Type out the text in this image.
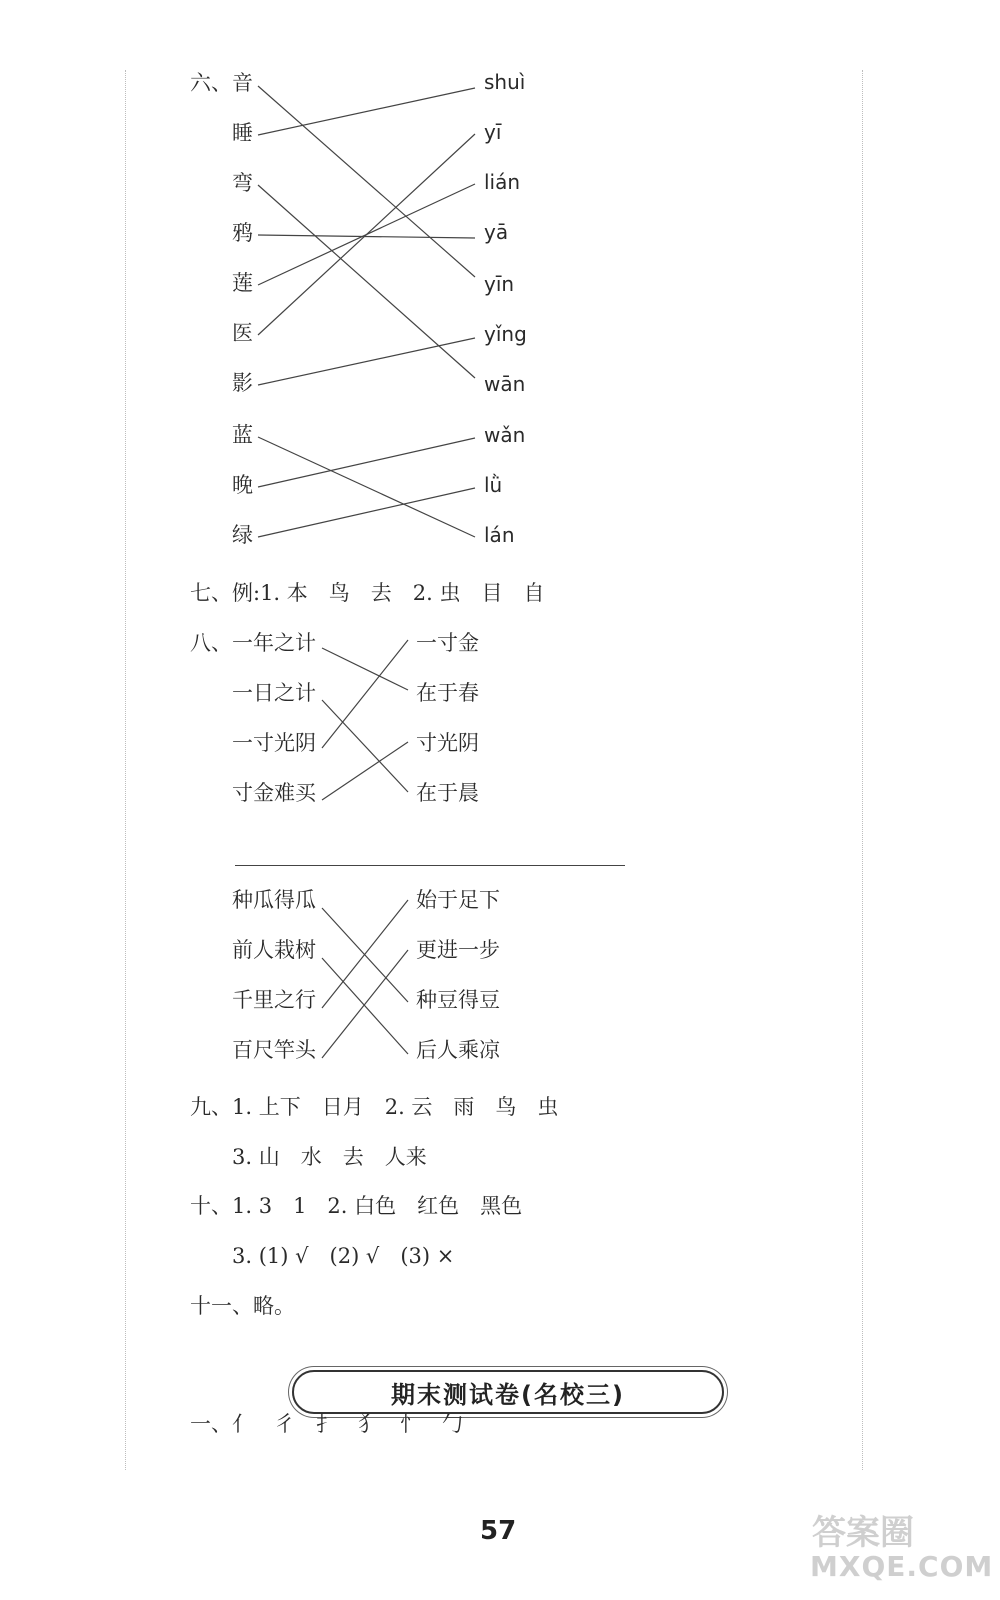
六、 音
睡
弯
鸦
莲
医
影
蓝
晚
绿
shuì
yī
lián
yā
yīn
yǐng
wān
wǎn
lǜ
lán
七、例:1. 本　鸟　去　2. 虫　目　自
八、 一年之计
一日之计
一寸光阴
寸金难买
一寸金
在于春
寸光阴
在于晨
种瓜得瓜
前人栽树
千里之行
百尺竿头
始于足下
更进一步
种豆得豆
后人乘凉
九、1. 上下　日月　2. 云　雨　鸟　虫
3. 山　水　去　人来
十、1. 3　1　2. 白色　红色　黑色
3. (1) √　(2) √　(3) ×
十一、略。
期末测试卷(名校三)
一、亻　彳　扌　犭　忄　勹
57	答案圈
MXQE.COM
